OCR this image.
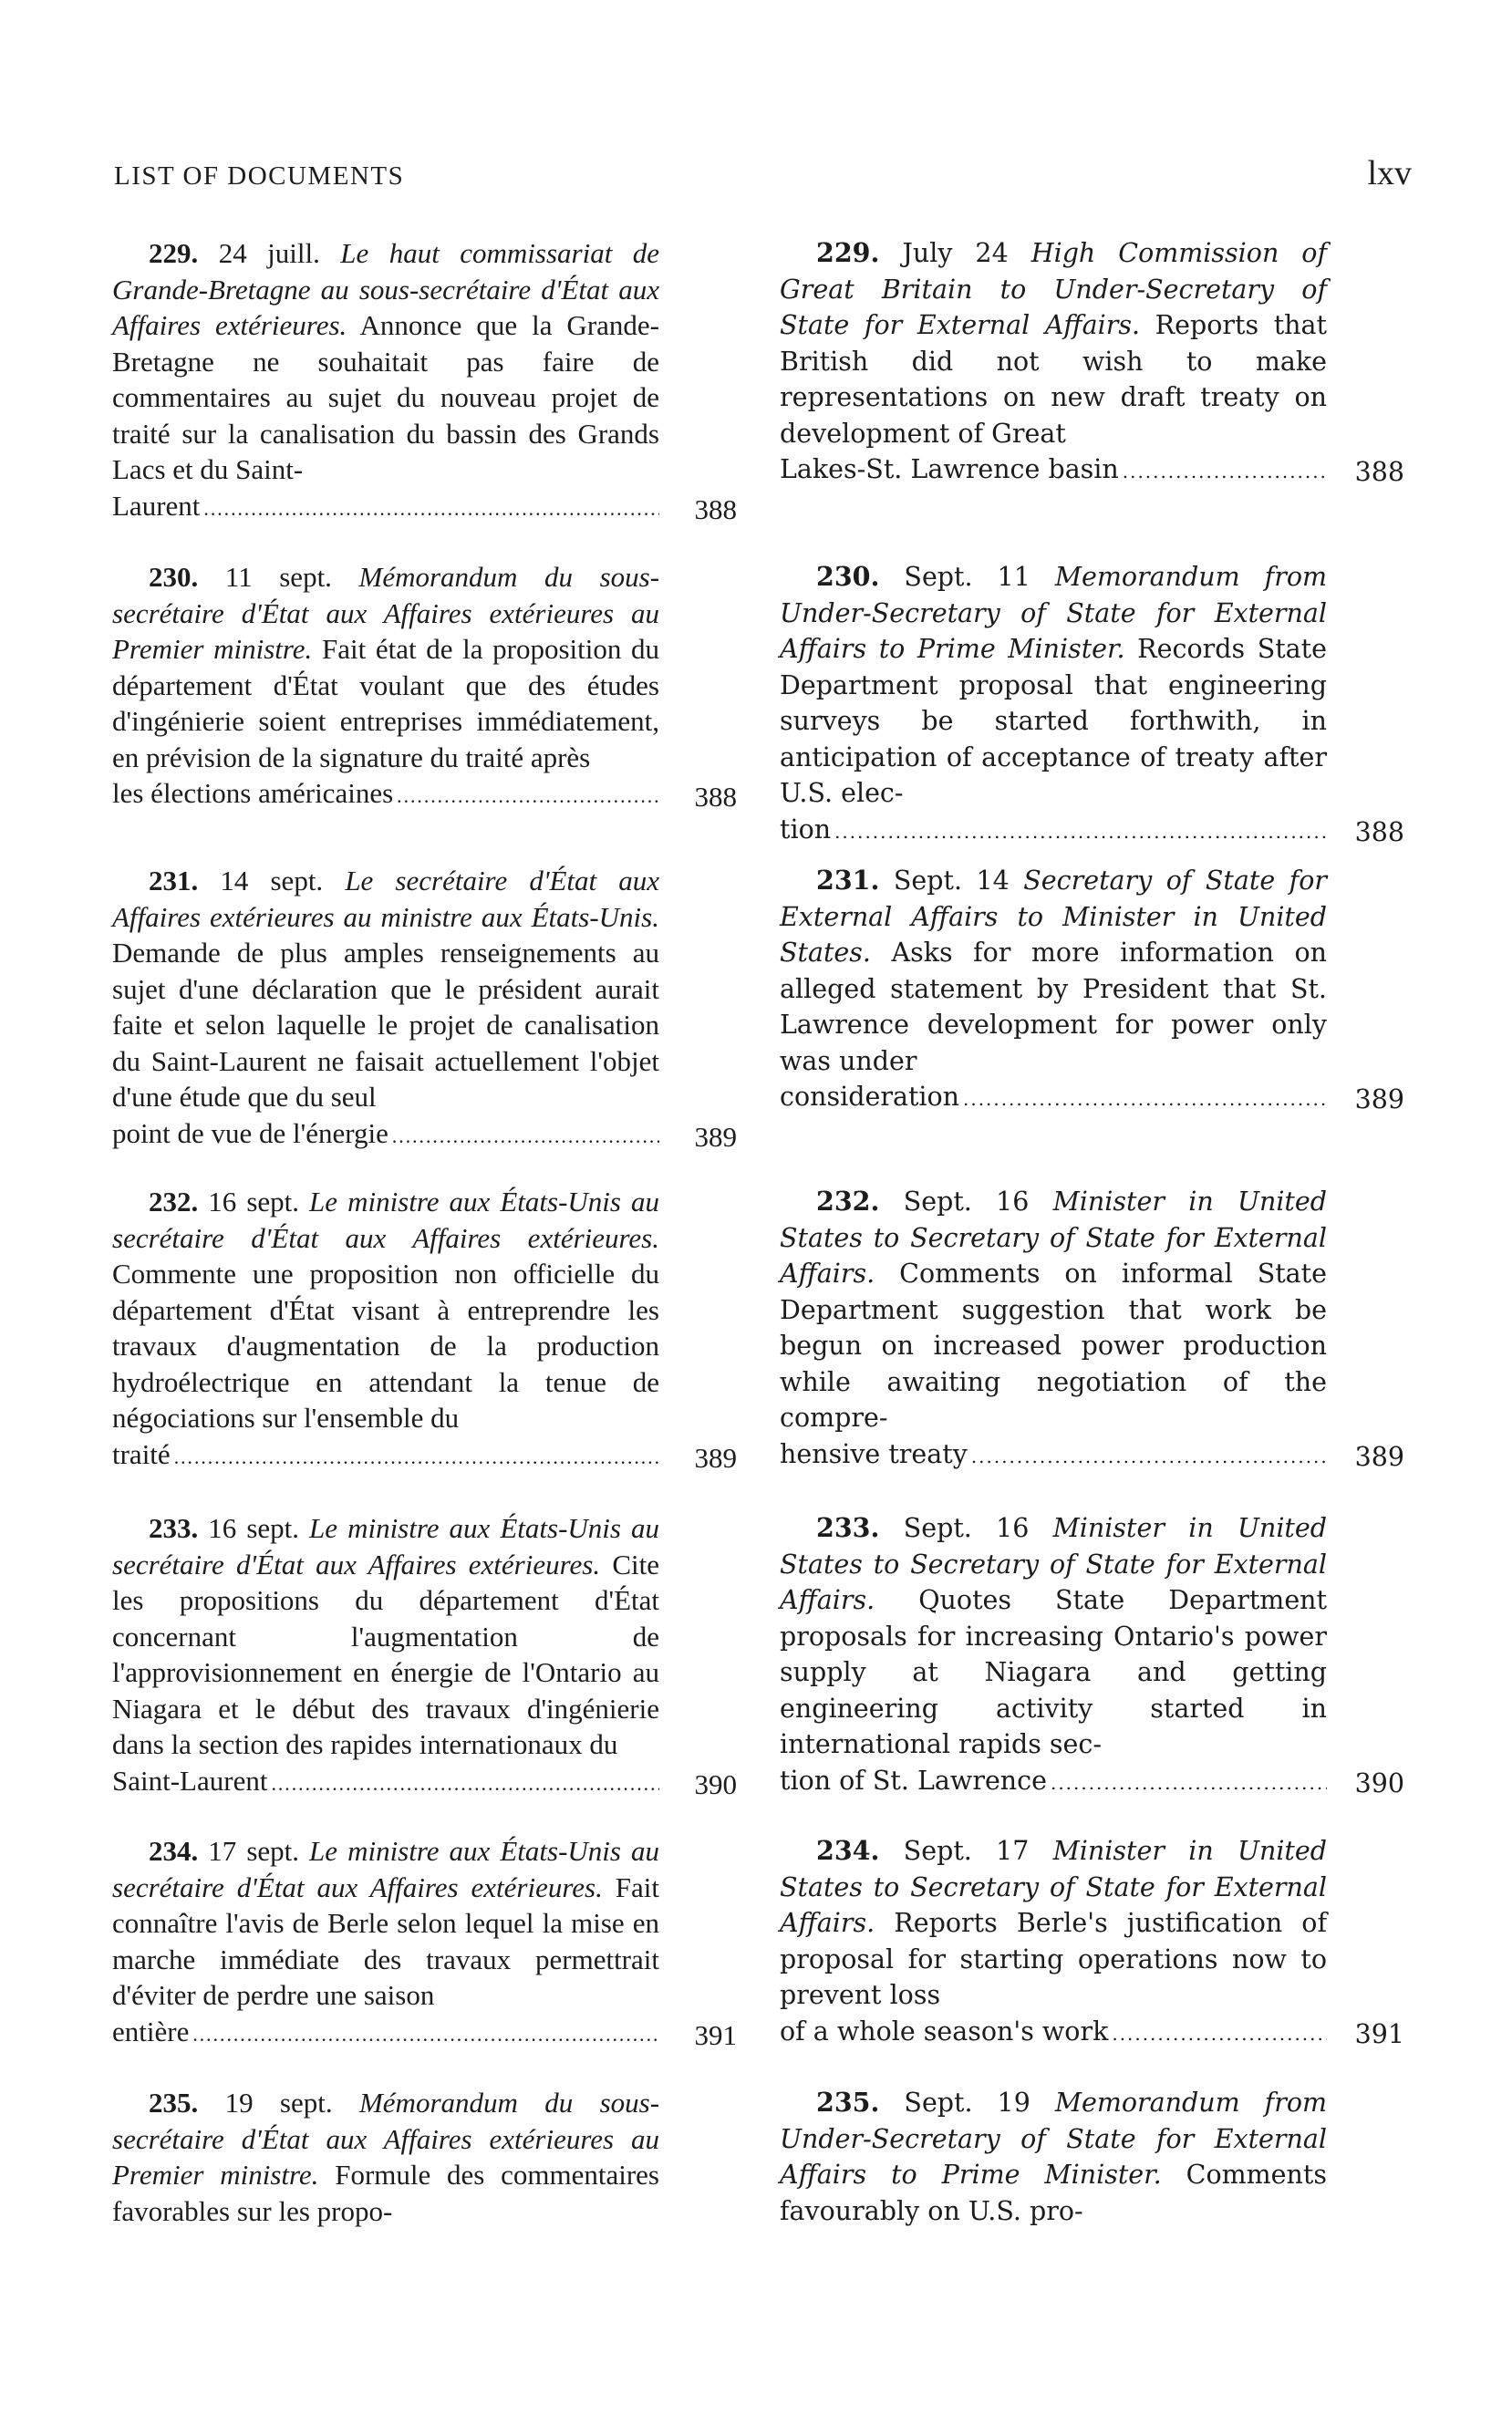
LIST OF DOCUMENTS	lxv
229. 24 juill. Le haut commissariat de Grande-Bretagne au sous-secrétaire d'État aux Affaires extérieures. Annonce que la Grande-Bretagne ne souhaitait pas faire de commentaires au sujet du nouveau projet de traité sur la canalisation du bassin des Grands Lacs et du Saint-
Laurent .....	388
230. 11 sept. Mémorandum du sous-secrétaire d'État aux Affaires extérieures au Premier ministre. Fait état de la proposition du département d'État voulant que des études d'ingénierie soient entreprises immédiatement, en prévision de la signature du traité après
les élections américaines .....	388
231. 14 sept. Le secrétaire d'État aux Affaires extérieures au ministre aux États-Unis. Demande de plus amples renseignements au sujet d'une déclaration que le président aurait faite et selon laquelle le projet de canalisation du Saint-Laurent ne faisait actuellement l'objet d'une étude que du seul
point de vue de l'énergie .....	389
232. 16 sept. Le ministre aux États-Unis au secrétaire d'État aux Affaires extérieures. Commente une proposition non officielle du département d'État visant à entreprendre les travaux d'augmentation de la production hydroélectrique en attendant la tenue de négociations sur l'ensemble du
traité .....	389
233. 16 sept. Le ministre aux États-Unis au secrétaire d'État aux Affaires extérieures. Cite les propositions du département d'État concernant l'augmentation de l'approvisionnement en énergie de l'Ontario au Niagara et le début des travaux d'ingénierie dans la section des rapides internationaux du
Saint-Laurent .....	390
234. 17 sept. Le ministre aux États-Unis au secrétaire d'État aux Affaires extérieures. Fait connaître l'avis de Berle selon lequel la mise en marche immédiate des travaux permettrait d'éviter de perdre une saison
entière .....	391
235. 19 sept. Mémorandum du sous-secrétaire d'État aux Affaires extérieures au Premier ministre. Formule des commentaires favorables sur les propo-
229. July 24 High Commission of Great Britain to Under-Secretary of State for External Affairs. Reports that British did not wish to make representations on new draft treaty on development of Great
Lakes-St. Lawrence basin .....	388
230. Sept. 11 Memorandum from Under-Secretary of State for External Affairs to Prime Minister. Records State Department proposal that engineering surveys be started forthwith, in anticipation of acceptance of treaty after U.S. elec-
tion .....	388
231. Sept. 14 Secretary of State for External Affairs to Minister in United States. Asks for more information on alleged statement by President that St. Lawrence development for power only was under
consideration .....	389
232. Sept. 16 Minister in United States to Secretary of State for External Affairs. Comments on informal State Department suggestion that work be begun on increased power production while awaiting negotiation of the compre-
hensive treaty .....	389
233. Sept. 16 Minister in United States to Secretary of State for External Affairs. Quotes State Department proposals for increasing Ontario's power supply at Niagara and getting engineering activity started in international rapids sec-
tion of St. Lawrence .....	390
234. Sept. 17 Minister in United States to Secretary of State for External Affairs. Reports Berle's justification of proposal for starting operations now to prevent loss
of a whole season's work .....	391
235. Sept. 19 Memorandum from Under-Secretary of State for External Affairs to Prime Minister. Comments favourably on U.S. pro-
